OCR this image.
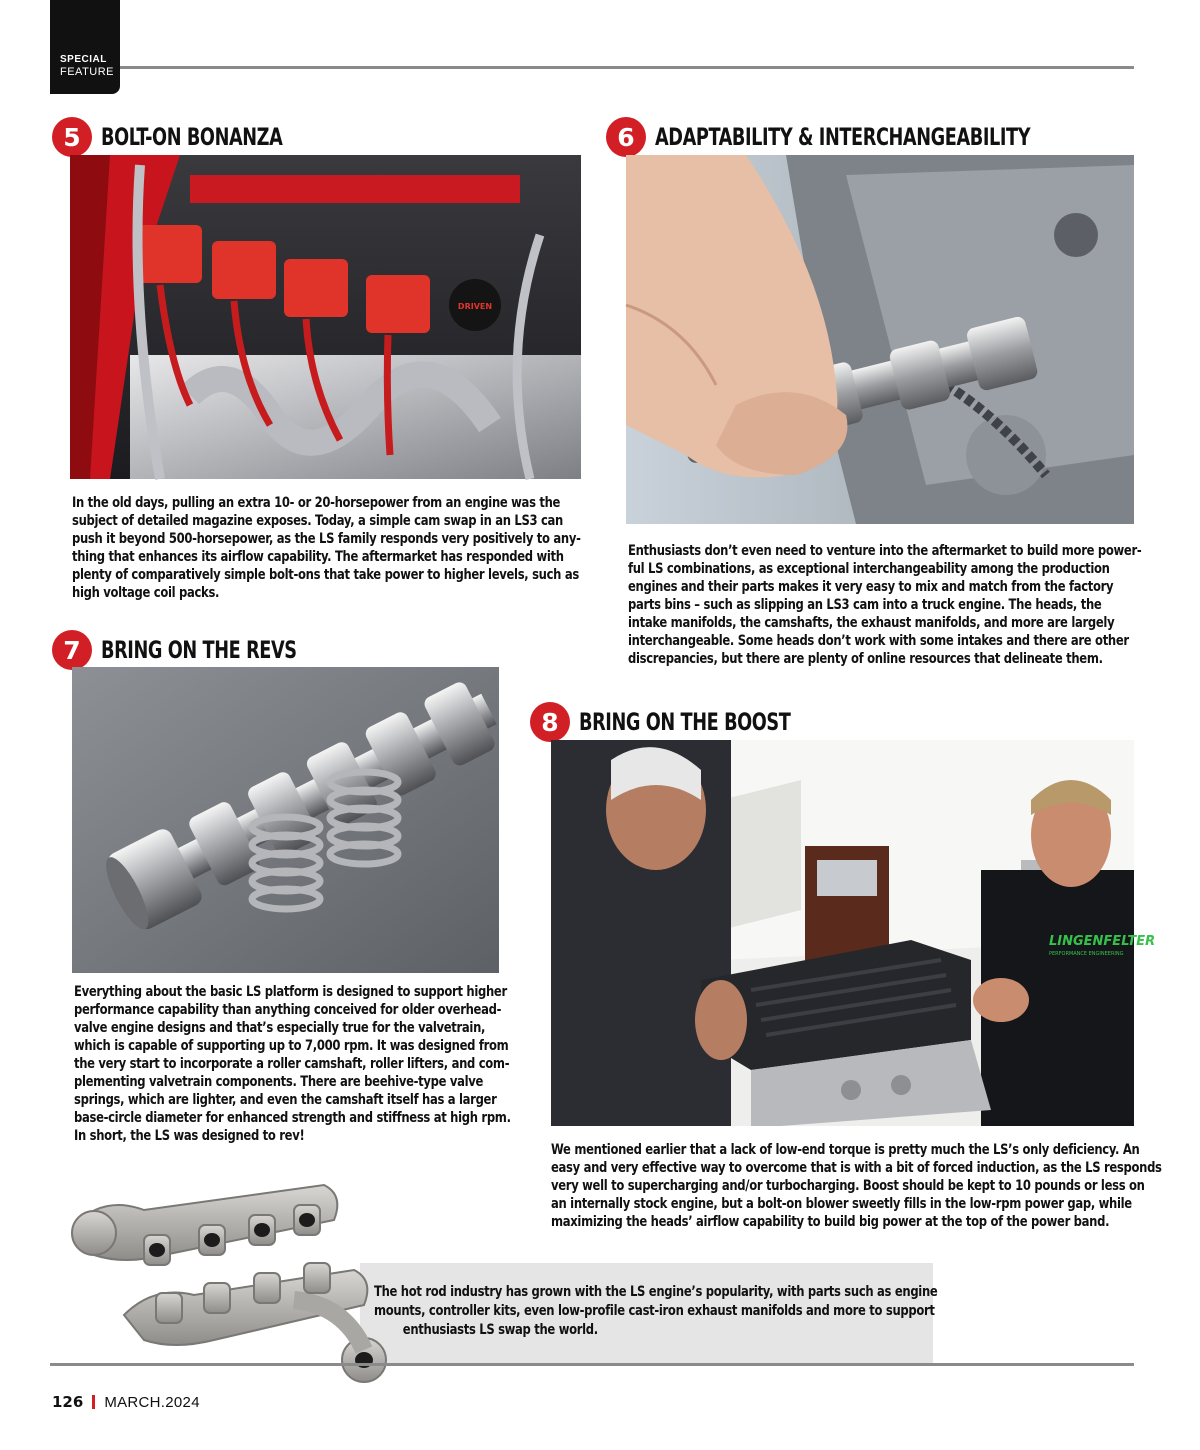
SPECIAL
FEATURE
5 BOLT-ON BONANZA
DRIVEN

In the old days, pulling an extra 10- or 20-horsepower from an engine was the
subject of detailed magazine exposes. Today, a simple cam swap in an LS3 can
push it beyond 500-horsepower, as the LS family responds very positively to any-
thing that enhances its airflow capability. The aftermarket has responded with
plenty of comparatively simple bolt-ons that take power to higher levels, such as
high voltage coil packs.

6 ADAPTABILITY & INTERCHANGEABILITY

Enthusiasts don’t even need to venture into the aftermarket to build more power-
ful LS combinations, as exceptional interchangeability among the production
engines and their parts makes it very easy to mix and match from the factory
parts bins – such as slipping an LS3 cam into a truck engine. The heads, the
intake manifolds, the camshafts, the exhaust manifolds, and more are largely
interchangeable. Some heads don’t work with some intakes and there are other
discrepancies, but there are plenty of online resources that delineate them.

7 BRING ON THE REVS

Everything about the basic LS platform is designed to support higher
performance capability than anything conceived for older overhead-
valve engine designs and that’s especially true for the valvetrain,
which is capable of supporting up to 7,000 rpm. It was designed from
the very start to incorporate a roller camshaft, roller lifters, and com-
plementing valvetrain components. There are beehive-type valve
springs, which are lighter, and even the camshaft itself has a larger
base-circle diameter for enhanced strength and stiffness at high rpm.
In short, the LS was designed to rev!

8 BRING ON THE BOOST
LINGENFELTER
PERFORMANCE ENGINEERING

We mentioned earlier that a lack of low-end torque is pretty much the LS’s only deficiency. An
easy and very effective way to overcome that is with a bit of forced induction, as the LS responds
very well to supercharging and/or turbocharging. Boost should be kept to 10 pounds or less on
an internally stock engine, but a bolt-on blower sweetly fills in the low-rpm power gap, while
maximizing the heads’ airflow capability to build big power at the top of the power band.

The hot rod industry has grown with the LS engine’s popularity, with parts such as engine
mounts, controller kits, even low-profile cast-iron exhaust manifolds and more to support
enthusiasts LS swap the world.
126 MARCH.2024
